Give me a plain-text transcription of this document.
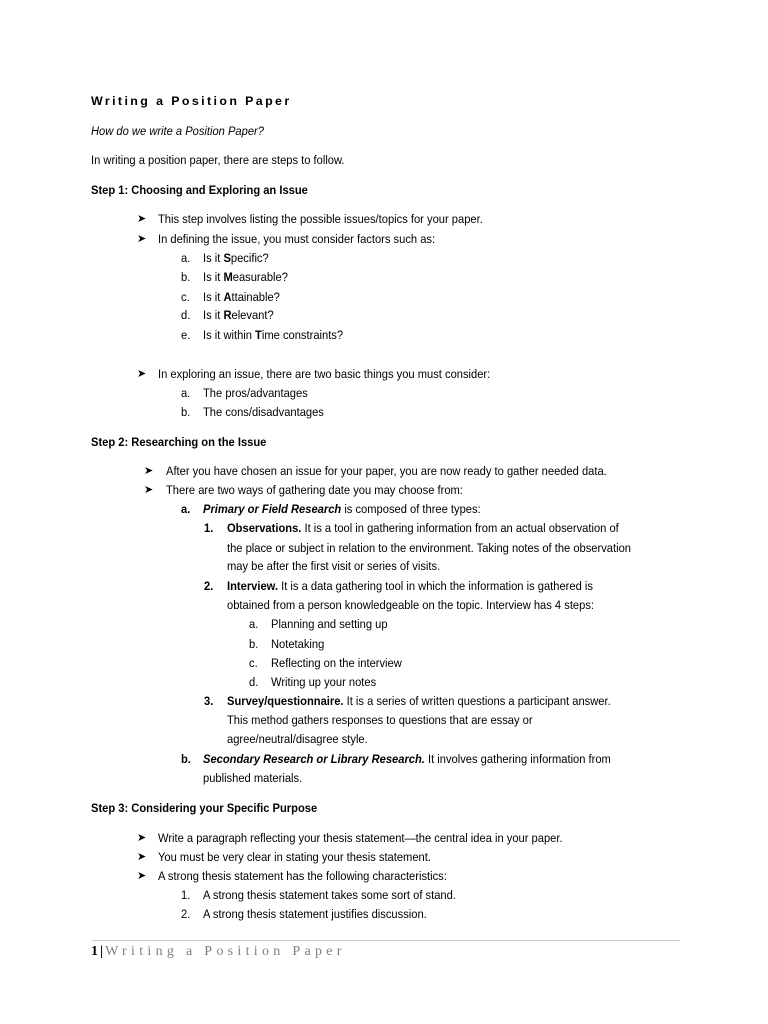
Writing a Position Paper
How do we write a Position Paper?
In writing a position paper, there are steps to follow.
Step 1: Choosing and Exploring an Issue
➤ This step involves listing the possible issues/topics for your paper.
➤ In defining the issue, you must consider factors such as:
a. Is it Specific?
b. Is it Measurable?
c. Is it Attainable?
d. Is it Relevant?
e. Is it within Time constraints?
➤ In exploring an issue, there are two basic things you must consider:
a. The pros/advantages
b. The cons/disadvantages
Step 2: Researching on the Issue
➤ After you have chosen an issue for your paper, you are now ready to gather needed data.
➤ There are two ways of gathering date you may choose from:
a. Primary or Field Research is composed of three types:
1. Observations. It is a tool in gathering information from an actual observation of
the place or subject in relation to the environment. Taking notes of the observation
may be after the first visit or series of visits.
2. Interview. It is a data gathering tool in which the information is gathered is
obtained from a person knowledgeable on the topic. Interview has 4 steps:
a. Planning and setting up
b. Notetaking
c. Reflecting on the interview
d. Writing up your notes
3. Survey/questionnaire. It is a series of written questions a participant answer.
This method gathers responses to questions that are essay or
agree/neutral/disagree style.
b. Secondary Research or Library Research. It involves gathering information from
published materials.
Step 3: Considering your Specific Purpose
➤ Write a paragraph reflecting your thesis statement—the central idea in your paper.
➤ You must be very clear in stating your thesis statement.
➤ A strong thesis statement has the following characteristics:
1. A strong thesis statement takes some sort of stand.
2. A strong thesis statement justifies discussion.
1 | Writing a Position Paper
